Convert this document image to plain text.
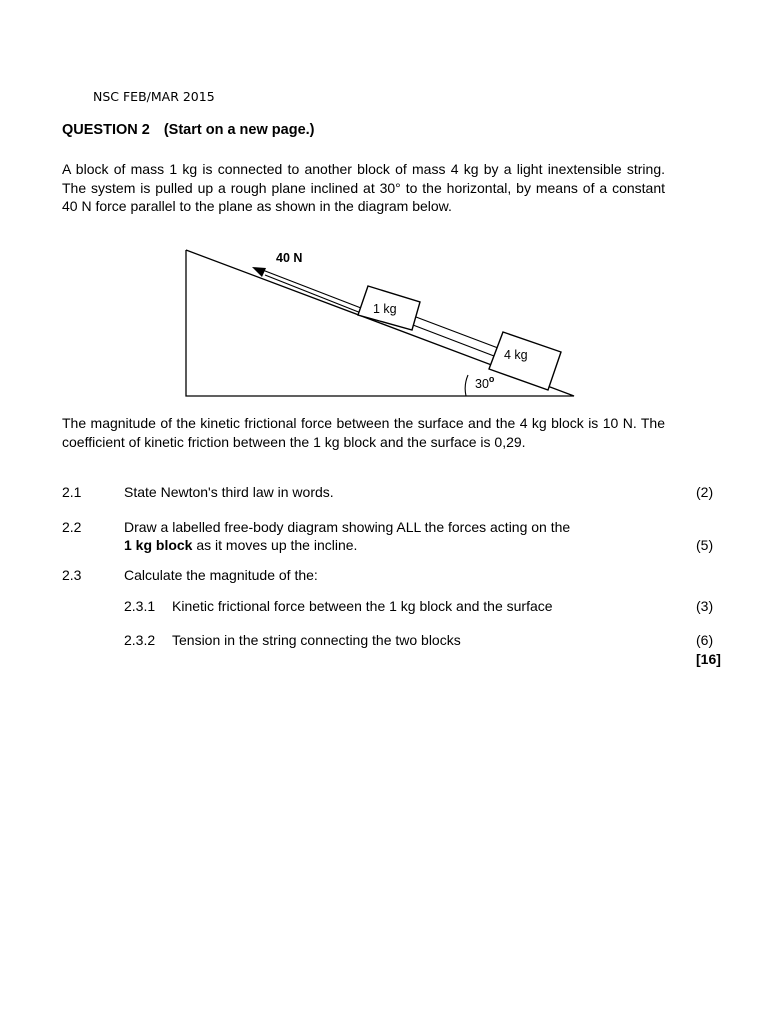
NSC FEB/MAR 2015
QUESTION 2 (Start on a new page.)
A block of mass 1 kg is connected to another block of mass 4 kg by a light inextensible string. The system is pulled up a rough plane inclined at 30° to the horizontal, by means of a constant 40 N force parallel to the plane as shown in the diagram below.
40 N
1 kg
4 kg
30$^o$
The magnitude of the kinetic frictional force between the surface and the 4 kg block is 10 N. The coefficient of kinetic friction between the 1 kg block and the surface is 0,29.
2.1	State Newton's third law in words.	(2)
2.2	Draw a labelled free-body diagram showing ALL the forces acting on the
1 kg block as it moves up the incline.	(5)
2.3	Calculate the magnitude of the:
2.3.1 Kinetic frictional force between the 1 kg block and the surface	(3)
2.3.2 Tension in the string connecting the two blocks	(6)
[16]
